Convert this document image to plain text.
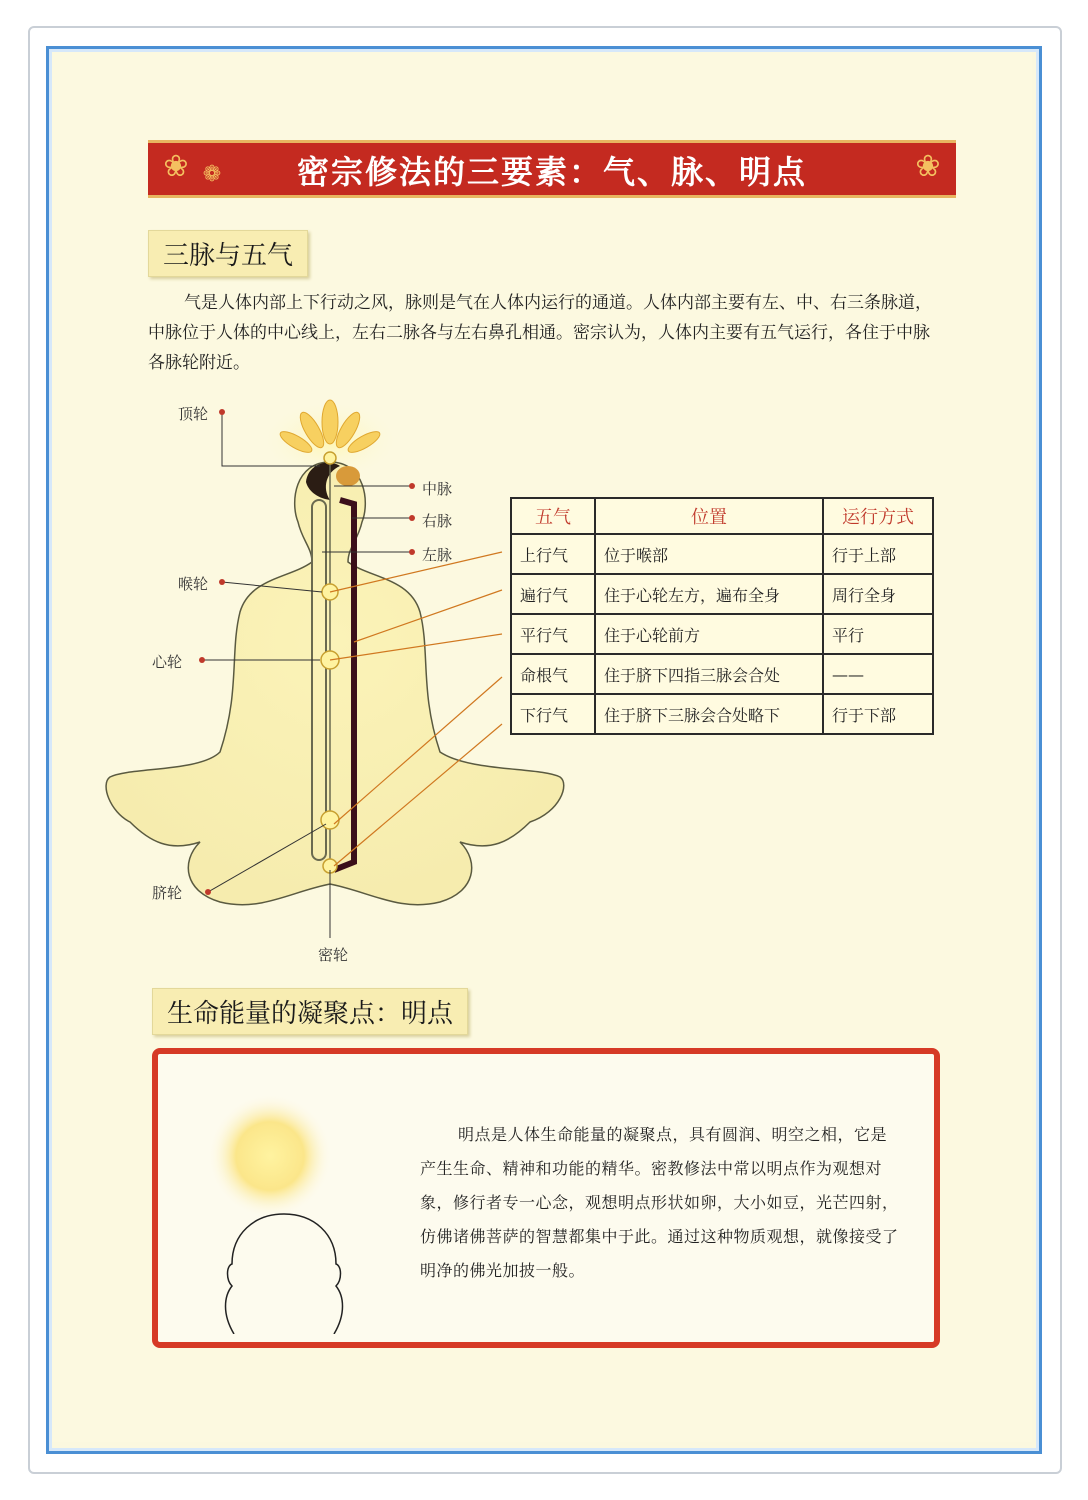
❀ ❁	密宗修法的三要素：气、脉、明点	❀
三脉与五气
气是人体内部上下行动之风，脉则是气在人体内运行的通道。人体内部主要有左、中、右三条脉道，中脉位于人体的中心线上，左右二脉各与左右鼻孔相通。密宗认为，人体内主要有五气运行，各住于中脉各脉轮附近。
顶轮
中脉
右脉
左脉
喉轮
心轮
脐轮
密轮
五气	位置	运行方式
上行气	位于喉部	行于上部
遍行气	住于心轮左方，遍布全身	周行全身
平行气	住于心轮前方	平行
命根气	住于脐下四指三脉会合处	——
下行气	住于脐下三脉会合处略下	行于下部
生命能量的凝聚点：明点
明点是人体生命能量的凝聚点，具有圆润、明空之相，它是产生生命、精神和功能的精华。密教修法中常以明点作为观想对象，修行者专一心念，观想明点形状如卵，大小如豆，光芒四射，仿佛诸佛菩萨的智慧都集中于此。通过这种物质观想，就像接受了明净的佛光加披一般。
